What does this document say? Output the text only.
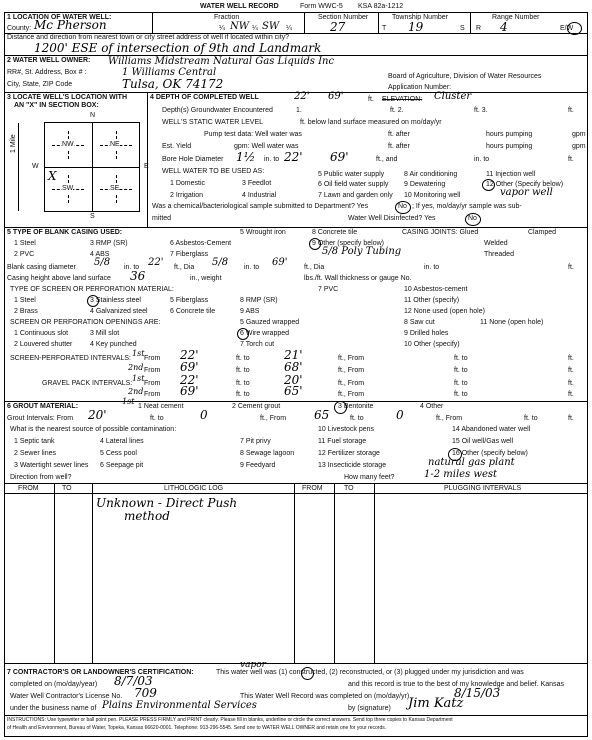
WATER WELL RECORD	Form WWC-5 KSA 82a-1212
1 LOCATION OF WATER WELL:
County: Mc Pherson
Fraction
¼ NW ¼ SW ¼
Section Number
27
Township Number
T 19	S
Range Number
R 4	E/W
Distance and direction from nearest town or city street address of well if located within city?
1200' ESE of intersection of 9th and Landmark
2 WATER WELL OWNER: Williams Midstream Natural Gas Liquids Inc
RR#, St. Address, Box # :	1 Williams Central
City, State, ZIP Code	Tulsa, OK 74172
Board of Agriculture, Division of Water Resources
Application Number:
3 LOCATE WELL'S LOCATION WITH
AN "X" IN SECTION BOX:
N
S
W	E
1 Mile	NW	NE
SW	SE
X
4 DEPTH OF COMPLETED WELL	22' 69'	ft. ELEVATION: Cluster
Depth(s) Groundwater Encountered	1.	ft. 2.	ft. 3.	ft.
WELL'S STATIC WATER LEVEL	ft. below land surface measured on mo/day/yr
Pump test data: Well water was	ft. after	hours pumping	gpm
Est. Yield	gpm: Well water was	ft. after	hours pumping	gpm
Bore Hole Diameter 1½ in. to 22' 69'	ft., and	in. to	ft.
WELL WATER TO BE USED AS:
1 Domestic	3 Feedlot
5 Public water supply	8 Air conditioning	11 Injection well
6 Oil field water supply 9 Dewatering	12 Other (Specify below)
2 Irrigation	4 Industrial	7 Lawn and garden only 10 Monitoring well	vapor well
Was a chemical/bacteriological sample submitted to Department? Yes	No ; If yes, mo/day/yr sample was sub-
mitted	Water Well Disinfected? Yes	No
5 TYPE OF BLANK CASING USED:	5 Wrought iron	8 Concrete tile	CASING JOINTS: Glued	Clamped
1 Steel	3 RMP (SR)	6 Asbestos-Cement	9 Other (specify below)	Welded
2 PVC	4 ABS	7 Fiberglass	5/8 Poly Tubing	Threaded
Blank casing diameter 5/8 in. to 22' ft., Dia 5/8 in. to 69' ft., Dia	in. to	ft.
Casing height above land surface 36	in., weight	lbs./ft. Wall thickness or gauge No.
TYPE OF SCREEN OR PERFORATION MATERIAL:	7 PVC	10 Asbestos-cement
1 Steel	3 Stainless steel	5 Fiberglass	8 RMP (SR)	11 Other (specify)
2 Brass	4 Galvanized steel	6 Concrete tile	9 ABS	12 None used (open hole)
SCREEN OR PERFORATION OPENINGS ARE:	5 Gauzed wrapped	8 Saw cut	11 None (open hole)
1 Continuous slot	3 Mill slot	6 Wire wrapped	9 Drilled holes
2 Louvered shutter	4 Key punched	7 Torch cut	10 Other (specify)
SCREEN-PERFORATED INTERVALS:
1st
From 22'	ft. to	21'	ft., From	ft. to	ft.
2nd From 69'	ft. to	68'	ft., From	ft. to	ft.
GRAVEL PACK INTERVALS:
1st
From 22'	ft. to	20'	ft., From	ft. to	ft.
2nd From 69'	ft. to	65'	ft., From	ft. to	ft.
6 GROUT MATERIAL:
1st
1 Neat cement	2 Cement grout	3 Bentonite	4 Other
Grout Intervals: From 20'	ft. to	0	ft., From 65	ft. to	0	ft., From	ft. to	ft.
What is the nearest source of possible contamination:	10 Livestock pens	14 Abandoned water well
1 Septic tank	4 Lateral lines	7 Pit privy	11 Fuel storage	15 Oil well/Gas well
2 Sewer lines	5 Cess pool	8 Sewage lagoon	12 Fertilizer storage	16 Other (specify below)
3 Watertight sewer lines 6 Seepage pit	9 Feedyard	13 Insecticide storage	natural gas plant
Direction from well?	How many feet?	1-2 miles west
FROM	TO	LITHOLOGIC LOG	FROM	TO	PLUGGING INTERVALS
Unknown - Direct Push
method
vapor
7 CONTRACTOR'S OR LANDOWNER'S CERTIFICATION:	This water well was (1) constructed, (2) reconstructed, or (3) plugged under my jurisdiction and was
completed on (mo/day/year) 8/7/03	and this record is true to the best of my knowledge and belief. Kansas
Water Well Contractor's License No. 709	This Water Well Record was completed on (mo/day/yr)	8/15/03
under the business name of Plains Environmental Services	by (signature) Jim Katz
INSTRUCTIONS: Use typewriter or ball point pen. PLEASE PRESS FIRMLY and PRINT clearly. Please fill in blanks, underline or circle the correct answers. Send top three copies to Kansas Department
of Health and Environment, Bureau of Water, Topeka, Kansas 66620-0001. Telephone: 913-296-5545. Send one to WATER WELL OWNER and retain one for your records.
